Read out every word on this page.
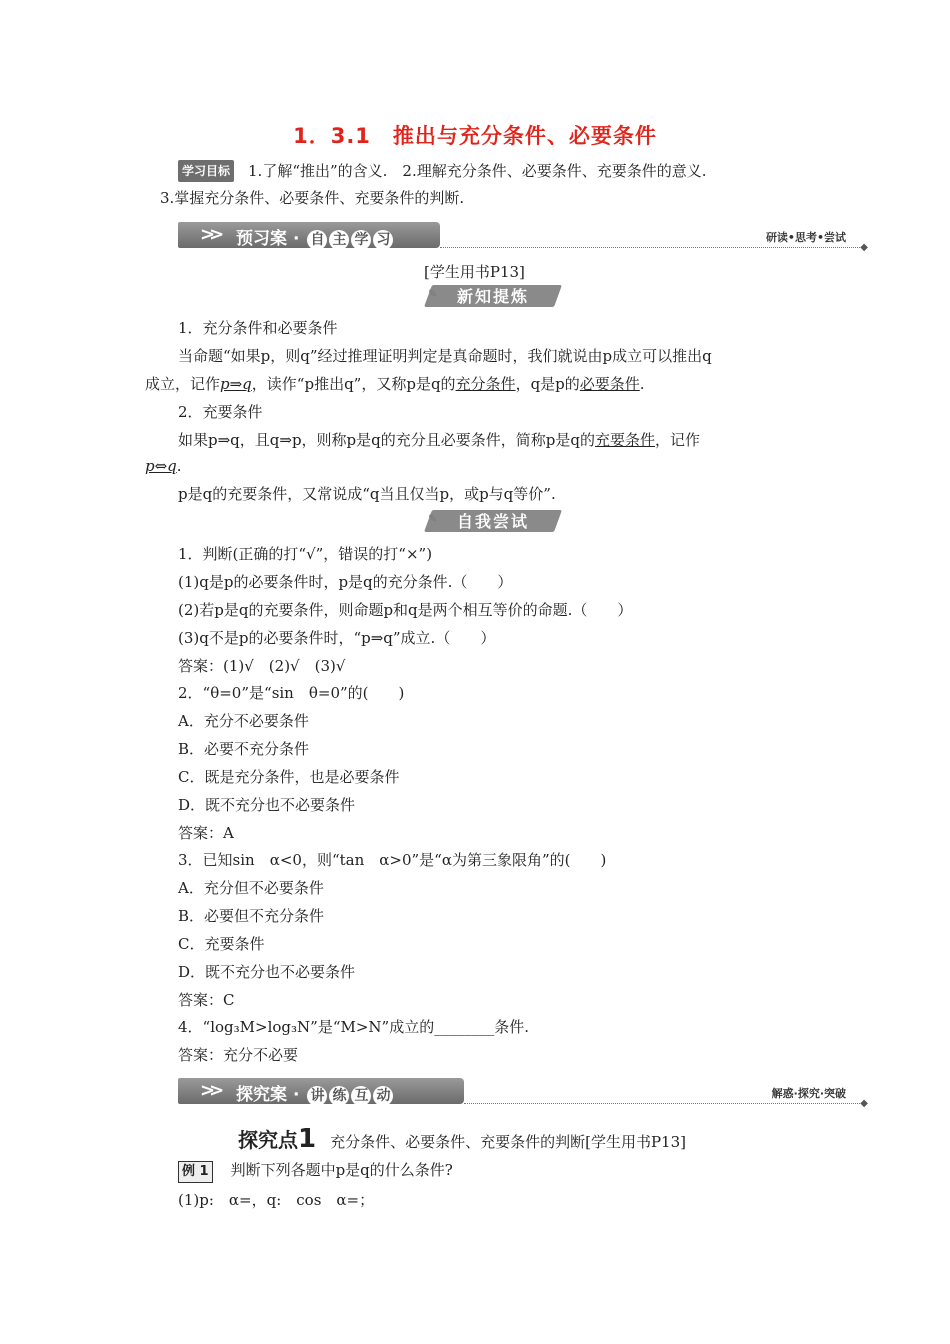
1．3.1　推出与充分条件、必要条件
学习目标 1.了解“推出”的含义.　2.理解充分条件、必要条件、充要条件的意义.
3.掌握充分条件、必要条件、充要条件的判断.
>> 预习案 · 自 主 学 习	研读•思考•尝试
◆
[学生用书P13]
✎ 新知提炼
1．充分条件和必要条件
当命题“如果p，则q”经过推理证明判定是真命题时，我们就说由p成立可以推出q
成立，记作p⇒q，读作“p推出q”，又称p是q的充分条件，q是p的必要条件.
2．充要条件
如果p⇒q，且q⇒p，则称p是q的充分且必要条件，简称p是q的充要条件，记作
p⇔q.
p是q的充要条件，又常说成“q当且仅当p，或p与q等价”.
✎ 自我尝试
1．判断(正确的打“√”，错误的打“×”)
(1)q是p的必要条件时，p是q的充分条件.（　　）
(2)若p是q的充要条件，则命题p和q是两个相互等价的命题.（　　）
(3)q不是p的必要条件时，“p⇒q”成立.（　　）
答案：(1)√　(2)√　(3)√
2．“θ=0”是“sin　θ=0”的(　　)
A．充分不必要条件
B．必要不充分条件
C．既是充分条件，也是必要条件
D．既不充分也不必要条件
答案：A
3．已知sin　α<0，则“tan　α>0”是“α为第三象限角”的(　　)
A．充分但不必要条件
B．必要但不充分条件
C．充要条件
D．既不充分也不必要条件
答案：C
4．“log₃M>log₃N”是“M>N”成立的________条件.
答案：充分不必要
>> 探究案 · 讲 练 互 动	解惑·探究·突破
◆
探究点1 充分条件、必要条件、充要条件的判断[学生用书P13]
例 1 判断下列各题中p是q的什么条件?
(1)p:　α=，q:　cos　α=；
